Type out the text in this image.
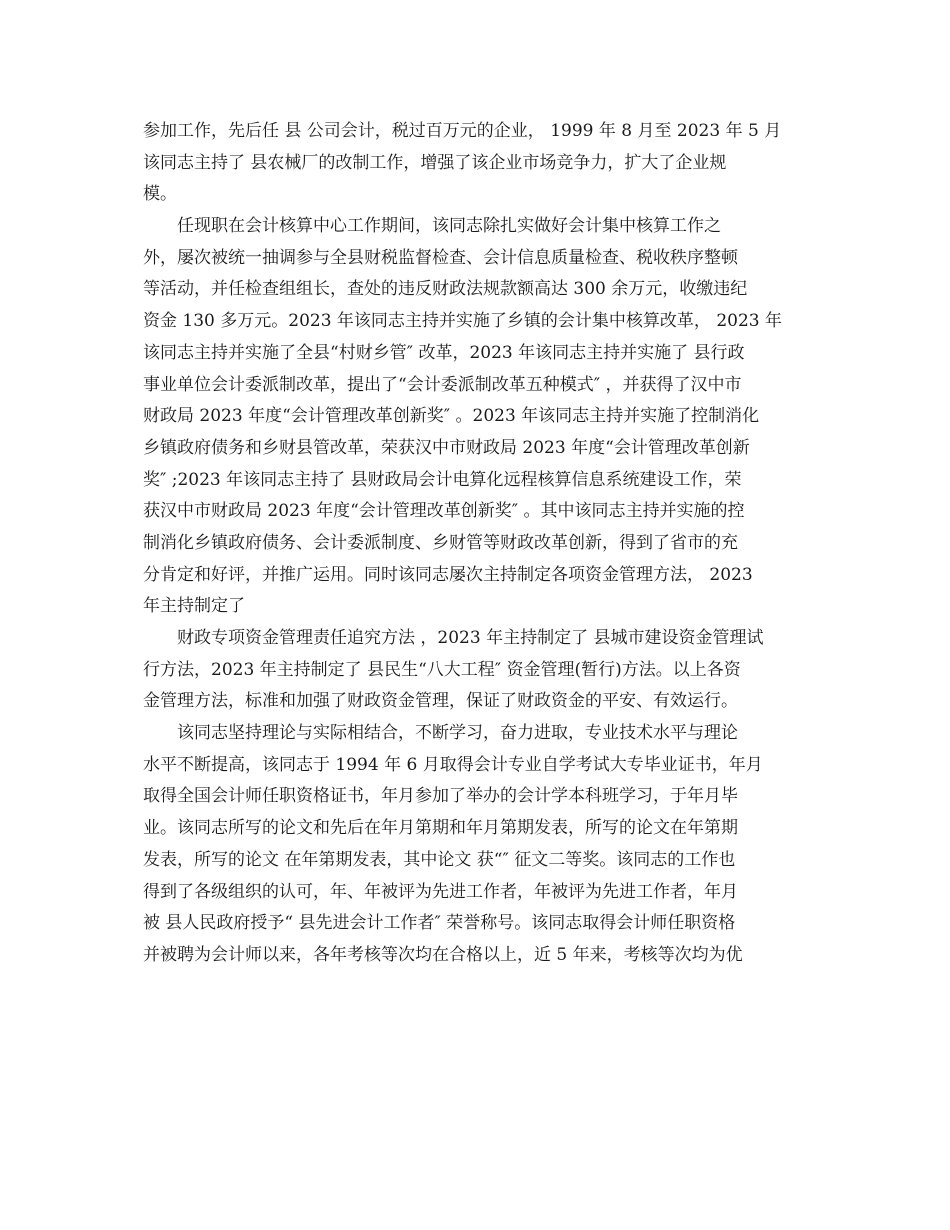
参加工作，先后任 县 公司会计，税过百万元的企业， 1999 年 8 月至 2023 年 5 月
该同志主持了 县农械厂的改制工作，增强了该企业市场竞争力，扩大了企业规
模。
任现职在会计核算中心工作期间，该同志除扎实做好会计集中核算工作之
外，屡次被统一抽调参与全县财税监督检查、会计信息质量检查、税收秩序整顿
等活动，并任检查组组长，查处的违反财政法规款额高达 300 余万元，收缴违纪
资金 130 多万元。2023 年该同志主持并实施了乡镇的会计集中核算改革， 2023 年
该同志主持并实施了全县“村财乡管″ 改革，2023 年该同志主持并实施了 县行政
事业单位会计委派制改革，提出了“会计委派制改革五种模式″ ，并获得了汉中市
财政局 2023 年度“会计管理改革创新奖″ 。2023 年该同志主持并实施了控制消化
乡镇政府债务和乡财县管改革，荣获汉中市财政局 2023 年度“会计管理改革创新
奖″ ;2023 年该同志主持了 县财政局会计电算化远程核算信息系统建设工作，荣
获汉中市财政局 2023 年度“会计管理改革创新奖″ 。其中该同志主持并实施的控
制消化乡镇政府债务、会计委派制度、乡财管等财政改革创新，得到了省市的充
分肯定和好评，并推广运用。同时该同志屡次主持制定各项资金管理方法， 2023
年主持制定了
财政专项资金管理责任追究方法 ，2023 年主持制定了 县城市建设资金管理试
行方法，2023 年主持制定了 县民生“八大工程″ 资金管理(暂行)方法。以上各资
金管理方法，标准和加强了财政资金管理，保证了财政资金的平安、有效运行。
该同志坚持理论与实际相结合，不断学习，奋力进取，专业技术水平与理论
水平不断提高，该同志于 1994 年 6 月取得会计专业自学考试大专毕业证书，年月
取得全国会计师任职资格证书，年月参加了举办的会计学本科班学习，于年月毕
业。该同志所写的论文和先后在年月第期和年月第期发表，所写的论文在年第期
发表，所写的论文 在年第期发表，其中论文 获“″ 征文二等奖。该同志的工作也
得到了各级组织的认可，年、年被评为先进工作者，年被评为先进工作者，年月
被 县人民政府授予“ 县先进会计工作者″ 荣誉称号。该同志取得会计师任职资格
并被聘为会计师以来，各年考核等次均在合格以上，近 5 年来，考核等次均为优
